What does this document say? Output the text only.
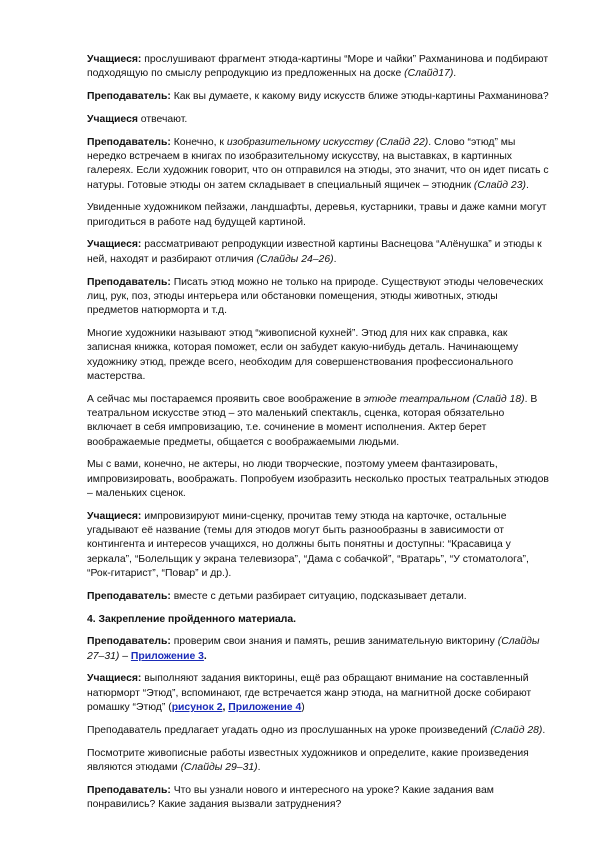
Учащиеся: прослушивают фрагмент этюда-картины “Море и чайки” Рахманинова и подбирают подходящую по смыслу репродукцию из предложенных на доске (Слайд17).

Преподаватель: Как вы думаете, к какому виду искусств ближе этюды-картины Рахманинова?

Учащиеся отвечают.

Преподаватель: Конечно, к изобразительному искусству (Слайд 22). Слово “этюд” мы нередко встречаем в книгах по изобразительному искусству, на выставках, в картинных галереях. Если художник говорит, что он отправился на этюды, это значит, что он идет писать с натуры. Готовые этюды он затем складывает в специальный ящичек – этюдник (Слайд 23).

Увиденные художником пейзажи, ландшафты, деревья, кустарники, травы и даже камни могут пригодиться в работе над будущей картиной.

Учащиеся: рассматривают репродукции известной картины Васнецова “Алёнушка” и этюды к ней, находят и разбирают отличия (Слайды 24–26).

Преподаватель: Писать этюд можно не только на природе. Существуют этюды человеческих лиц, рук, поз, этюды интерьера или обстановки помещения, этюды животных, этюды предметов натюрморта и т.д.

Многие художники называют этюд “живописной кухней”. Этюд для них как справка, как записная книжка, которая поможет, если он забудет какую-нибудь деталь. Начинающему художнику этюд, прежде всего, необходим для совершенствования профессионального мастерства.

А сейчас мы постараемся проявить свое воображение в этюде театральном (Слайд 18). В театральном искусстве этюд – это маленький спектакль, сценка, которая обязательно включает в себя импровизацию, т.е. сочинение в момент исполнения. Актер берет воображаемые предметы, общается с воображаемыми людьми.

Мы с вами, конечно, не актеры, но люди творческие, поэтому умеем фантазировать, импровизировать, воображать. Попробуем изобразить несколько простых театральных этюдов – маленьких сценок.

Учащиеся: импровизируют мини-сценку, прочитав тему этюда на карточке, остальные угадывают её название (темы для этюдов могут быть разнообразны в зависимости от контингента и интересов учащихся, но должны быть понятны и доступны: “Красавица у зеркала”, “Болельщик у экрана телевизора”, “Дама с собачкой”, “Вратарь”, “У стоматолога”, “Рок-гитарист”, “Повар” и др.).

Преподаватель: вместе с детьми разбирает ситуацию, подсказывает детали.

4. Закрепление пройденного материала.

Преподаватель: проверим свои знания и память, решив занимательную викторину (Слайды 27–31) – Приложение 3.

Учащиеся: выполняют задания викторины, ещё раз обращают внимание на составленный натюрморт “Этюд”, вспоминают, где встречается жанр этюда, на магнитной доске собирают ромашку “Этюд” (рисунок 2, Приложение 4)

Преподаватель предлагает угадать одно из прослушанных на уроке произведений (Слайд 28).

Посмотрите живописные работы известных художников и определите, какие произведения являются этюдами (Слайды 29–31).

Преподаватель: Что вы узнали нового и интересного на уроке? Какие задания вам понравились? Какие задания вызвали затруднения?
